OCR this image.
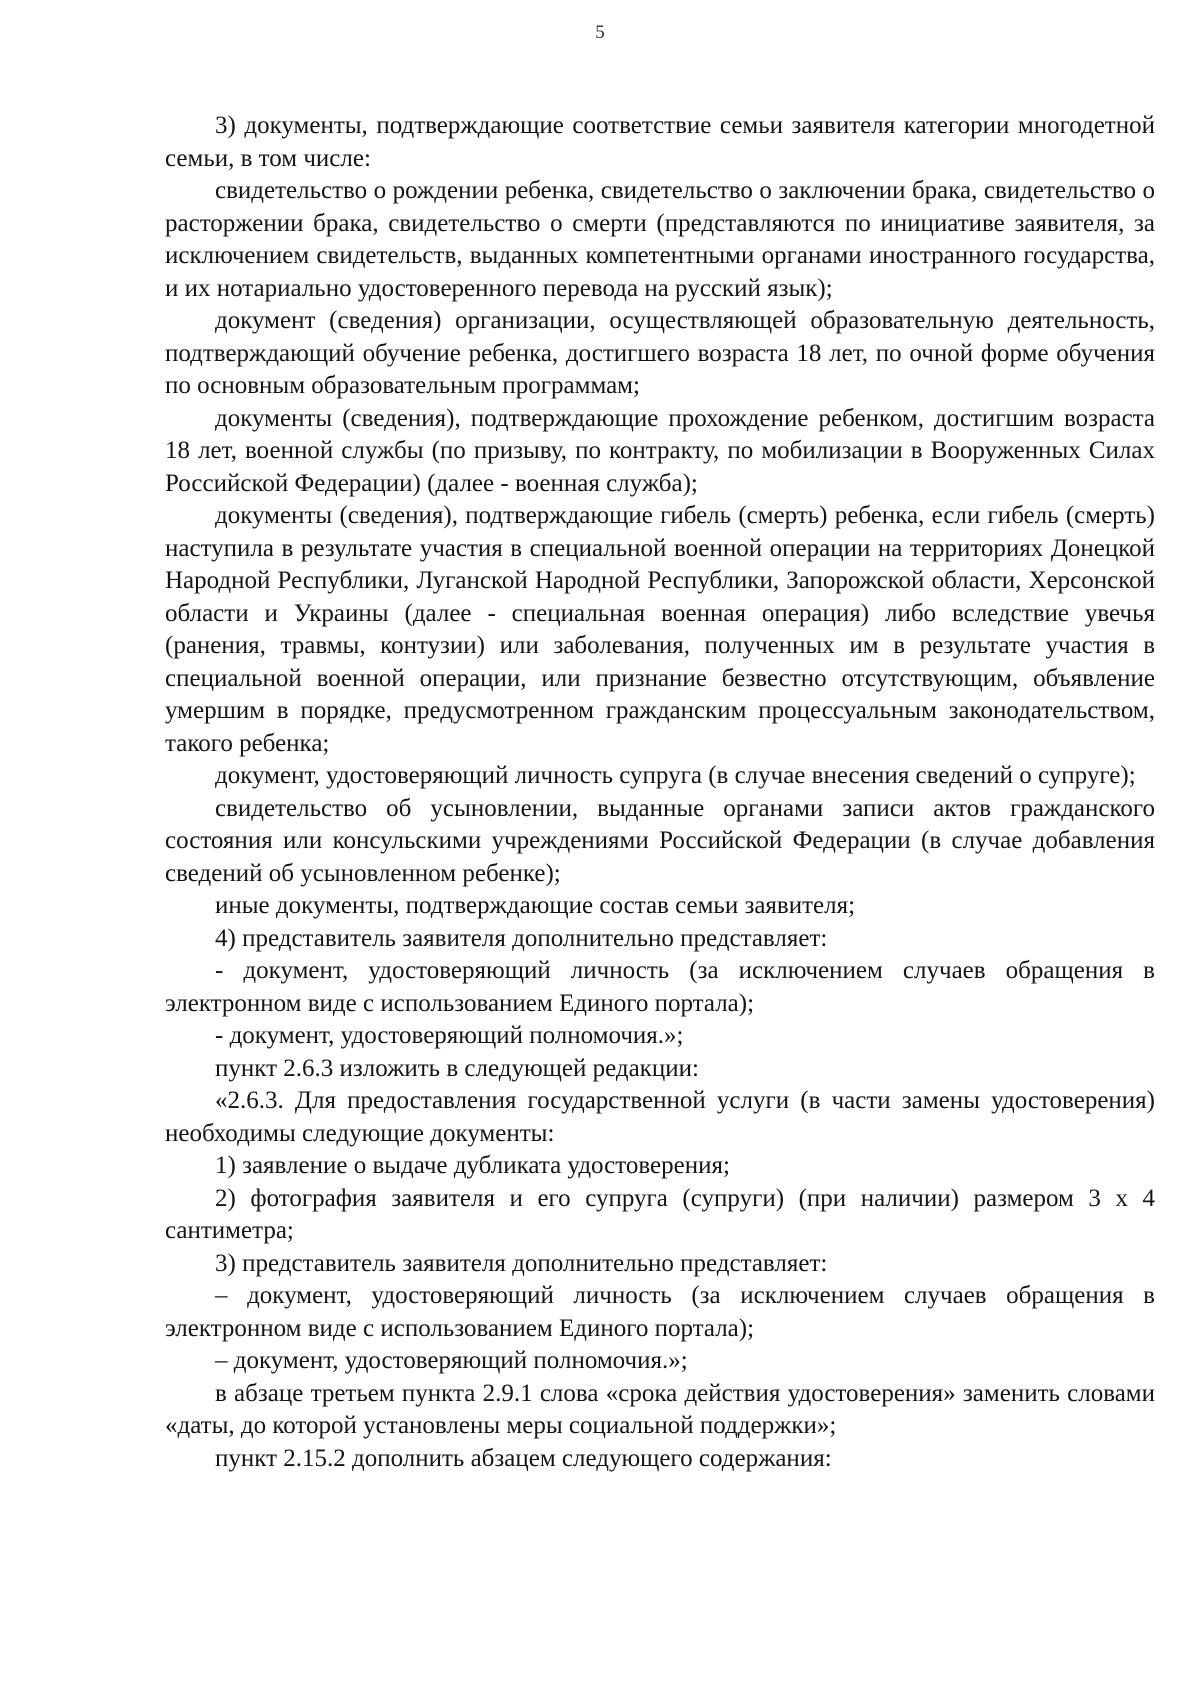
5

3) документы, подтверждающие соответствие семьи заявителя категории многодетной семьи, в том числе:

свидетельство о рождении ребенка, свидетельство о заключении брака, свидетельство о расторжении брака, свидетельство о смерти (представляются по инициативе заявителя, за исключением свидетельств, выданных компетентными органами иностранного государства, и их нотариально удостоверенного перевода на русский язык);

документ (сведения) организации, осуществляющей образовательную деятельность, подтверждающий обучение ребенка, достигшего возраста 18 лет, по очной форме обучения по основным образовательным программам;

документы (сведения), подтверждающие прохождение ребенком, достигшим возраста 18 лет, военной службы (по призыву, по контракту, по мобилизации в Вооруженных Силах Российской Федерации) (далее - военная служба);

документы (сведения), подтверждающие гибель (смерть) ребенка, если гибель (смерть) наступила в результате участия в специальной военной операции на территориях Донецкой Народной Республики, Луганской Народной Республики, Запорожской области, Херсонской области и Украины (далее - специальная военная операция) либо вследствие увечья (ранения, травмы, контузии) или заболевания, полученных им в результате участия в специальной военной операции, или признание безвестно отсутствующим, объявление умершим в порядке, предусмотренном гражданским процессуальным законодательством, такого ребенка;

документ, удостоверяющий личность супруга (в случае внесения сведений о супруге);

свидетельство об усыновлении, выданные органами записи актов гражданского состояния или консульскими учреждениями Российской Федерации (в случае добавления сведений об усыновленном ребенке);

иные документы, подтверждающие состав семьи заявителя;

4) представитель заявителя дополнительно представляет:

- документ, удостоверяющий личность (за исключением случаев обращения в электронном виде с использованием Единого портала);

- документ, удостоверяющий полномочия.»;

пункт 2.6.3 изложить в следующей редакции:

«2.6.3. Для предоставления государственной услуги (в части замены удостоверения) необходимы следующие документы:

1) заявление о выдаче дубликата удостоверения;

2) фотография заявителя и его супруга (супруги) (при наличии) размером 3 х 4 сантиметра;

3) представитель заявителя дополнительно представляет:

– документ, удостоверяющий личность (за исключением случаев обращения в электронном виде с использованием Единого портала);

– документ, удостоверяющий полномочия.»;

в абзаце третьем пункта 2.9.1 слова «срока действия удостоверения» заменить словами «даты, до которой установлены меры социальной поддержки»;

пункт 2.15.2 дополнить абзацем следующего содержания:
